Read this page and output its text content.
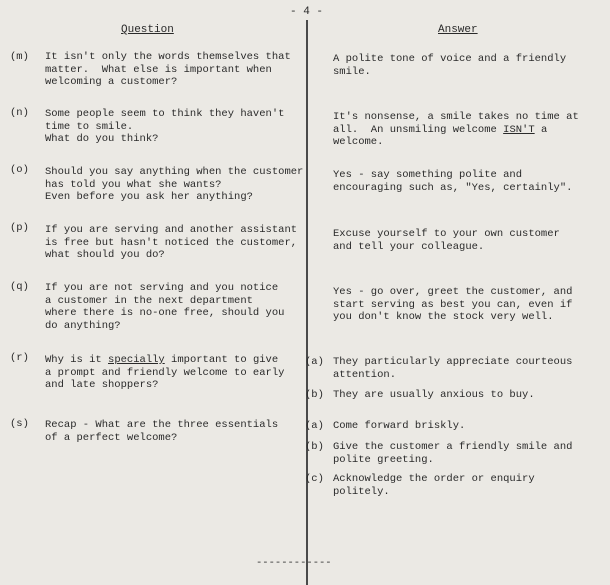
- 4 -
Question	Answer
(m) It isn't only the words themselves that
matter.  What else is important when
welcoming a customer?
A polite tone of voice and a friendly
smile.
(n) Some people seem to think they haven't
time to smile.
What do you think?
It's nonsense, a smile takes no time at
all.  An unsmiling welcome ISN'T a
welcome.
(o) Should you say anything when the customer
has told you what she wants?
Even before you ask her anything?
Yes - say something polite and
encouraging such as, "Yes, certainly".
(p) If you are serving and another assistant
is free but hasn't noticed the customer,
what should you do?
Excuse yourself to your own customer
and tell your colleague.
(q) If you are not serving and you notice
a customer in the next department
where there is no-one free, should you
do anything?
Yes - go over, greet the customer, and
start serving as best you can, even if
you don't know the stock very well.
(r) Why is it specially important to give
a prompt and friendly welcome to early
and late shoppers?
(a) They particularly appreciate courteous
attention.
(b) They are usually anxious to buy.
(s) Recap - What are the three essentials
of a perfect welcome?
(a) Come forward briskly.
(b) Give the customer a friendly smile and
polite greeting.
(c) Acknowledge the order or enquiry
politely.
------------
